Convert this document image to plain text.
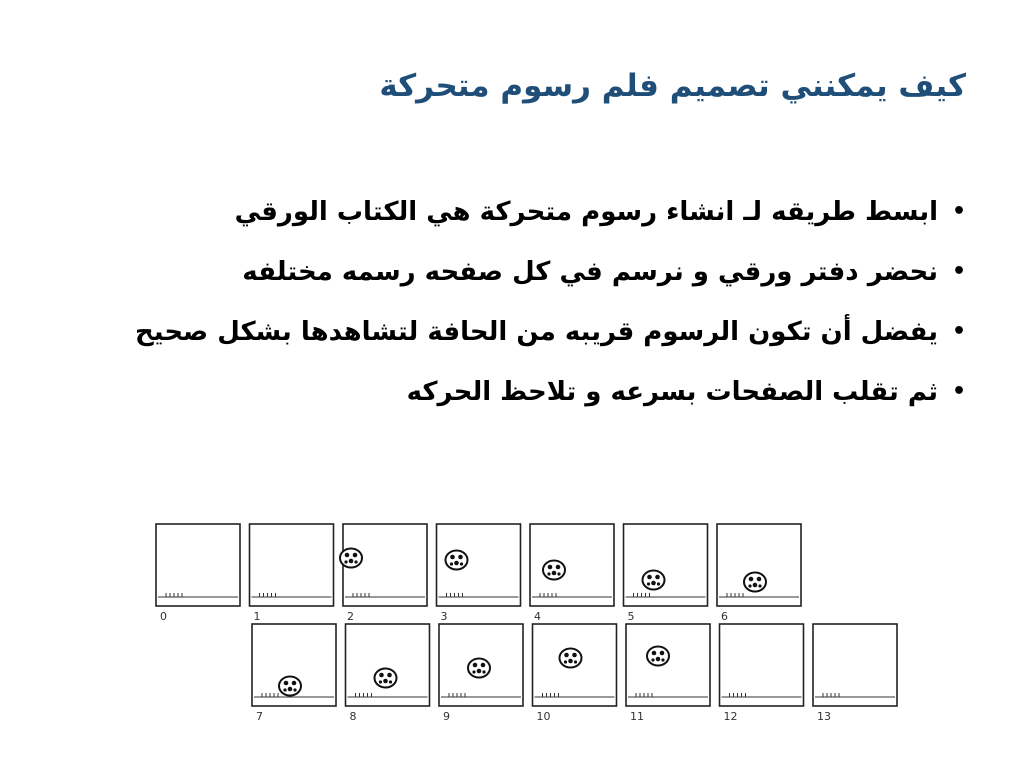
كيف يمكنني تصميم فلم رسوم متحركة
• ابسط طريقه لـ انشاء رسوم متحركة هي الكتاب الورقي
• نحضر دفتر ورقي و نرسم في كل صفحه رسمه مختلفه
• يفضل أن تكون الرسوم قريبه من الحافة لتشاهدها بشكل صحيح
• ثم تقلب الصفحات بسرعه و تلاحظ الحركه
0	1	2	3	4	5	6
7	8	9	10	11	12	13
